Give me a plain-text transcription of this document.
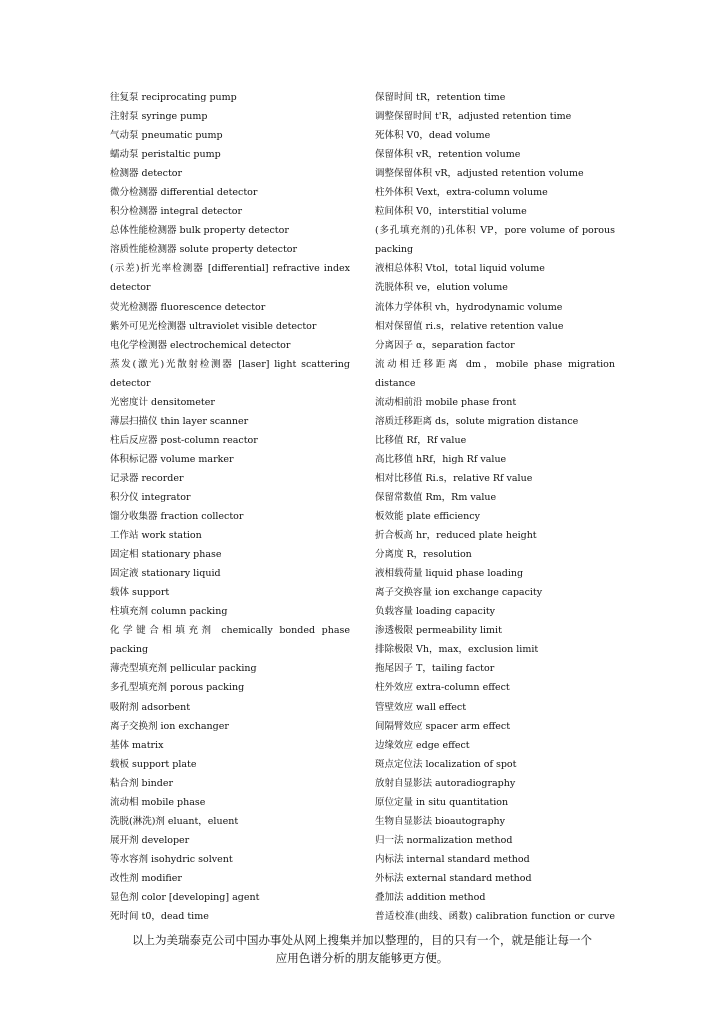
往复泵 reciprocating pump
注射泵 syringe pump
气动泵 pneumatic pump
蠕动泵 peristaltic pump
检测器 detector
微分检测器 differential detector
积分检测器 integral detector
总体性能检测器 bulk property detector
溶质性能检测器 solute property detector
(示差)折光率检测器 [differential] refractive index
detector
荧光检测器 fluorescence detector
紫外可见光检测器 ultraviolet visible detector
电化学检测器 electrochemical detector
蒸发(激光)光散射检测器 [laser] light scattering
detector
光密度计 densitometer
薄层扫描仪 thin layer scanner
柱后反应器 post-column reactor
体积标记器 volume marker
记录器 recorder
积分仪 integrator
馏分收集器 fraction collector
工作站 work station
固定相 stationary phase
固定液 stationary liquid
载体 support
柱填充剂 column packing
化学键合相填充剂 chemically bonded phase
packing
薄壳型填充剂 pellicular packing
多孔型填充剂 porous packing
吸附剂 adsorbent
离子交换剂 ion exchanger
基体 matrix
载板 support plate
粘合剂 binder
流动相 mobile phase
洗脱(淋洗)剂 eluant，eluent
展开剂 developer
等水容剂 isohydric solvent
改性剂 modifier
显色剂 color [developing] agent
死时间 t0，dead time
保留时间 tR，retention time
调整保留时间 t'R，adjusted retention time
死体积 V0，dead volume
保留体积 vR，retention volume
调整保留体积 vR，adjusted retention volume
柱外体积 Vext，extra-column volume
粒间体积 V0，interstitial volume
(多孔填充剂的)孔体积 VP，pore volume of porous
packing
液相总体积 Vtol，total liquid volume
洗脱体积 ve，elution volume
流体力学体积 vh，hydrodynamic volume
相对保留值 ri.s，relative retention value
分离因子 α，separation factor
流动相迁移距离 dm，mobile phase migration
distance
流动相前沿 mobile phase front
溶质迁移距离 ds，solute migration distance
比移值 Rf，Rf value
高比移值 hRf，high Rf value
相对比移值 Ri.s，relative Rf value
保留常数值 Rm，Rm value
板效能 plate efficiency
折合板高 hr，reduced plate height
分离度 R，resolution
液相载荷量 liquid phase loading
离子交换容量 ion exchange capacity
负载容量 loading capacity
渗透极限 permeability limit
排除极限 Vh，max，exclusion limit
拖尾因子 T，tailing factor
柱外效应 extra-column effect
管壁效应 wall effect
间隔臂效应 spacer arm effect
边缘效应 edge effect
斑点定位法 localization of spot
放射自显影法 autoradiography
原位定量 in situ quantitation
生物自显影法 bioautography
归一法 normalization method
内标法 internal standard method
外标法 external standard method
叠加法 addition method
普适校准(曲线、函数) calibration function or curve
以上为美瑞泰克公司中国办事处从网上搜集并加以整理的，目的只有一个，就是能让每一个
应用色谱分析的朋友能够更方便。
